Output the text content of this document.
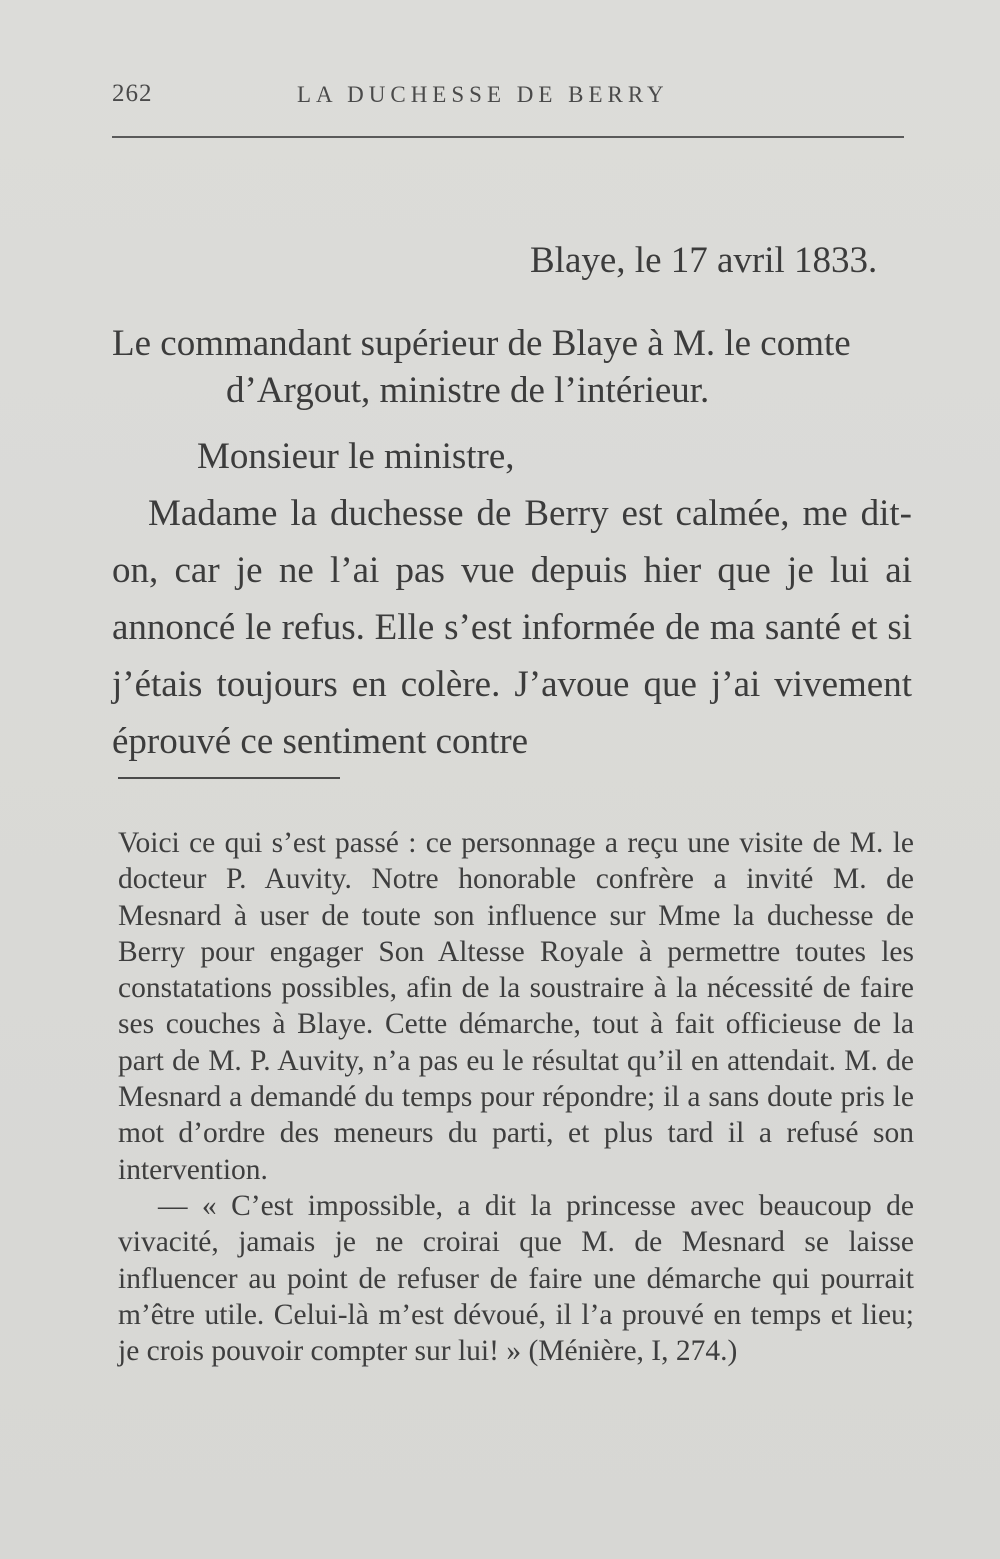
262	LA DUCHESSE DE BERRY
Blaye, le 17 avril 1833.
Le commandant supérieur de Blaye à M. le comte
d’Argout, ministre de l’intérieur.
Monsieur le ministre,
Madame la duchesse de Berry est calmée, me dit-on, car je ne l’ai pas vue depuis hier que je lui ai annoncé le refus. Elle s’est informée de ma santé et si j’étais toujours en colère. J’avoue que j’ai vivement éprouvé ce sentiment contre

Voici ce qui s’est passé : ce personnage a reçu une visite de M. le docteur P. Auvity. Notre honorable confrère a invité M. de Mesnard à user de toute son influence sur Mme la duchesse de Berry pour engager Son Altesse Royale à permettre toutes les constatations possibles, afin de la soustraire à la nécessité de faire ses couches à Blaye. Cette démarche, tout à fait officieuse de la part de M. P. Auvity, n’a pas eu le résultat qu’il en attendait. M. de Mesnard a demandé du temps pour répondre; il a sans doute pris le mot d’ordre des meneurs du parti, et plus tard il a refusé son intervention.

— « C’est impossible, a dit la princesse avec beaucoup de vivacité, jamais je ne croirai que M. de Mesnard se laisse influencer au point de refuser de faire une démarche qui pourrait m’être utile. Celui-là m’est dévoué, il l’a prouvé en temps et lieu; je crois pouvoir compter sur lui! » (Ménière, I, 274.)
